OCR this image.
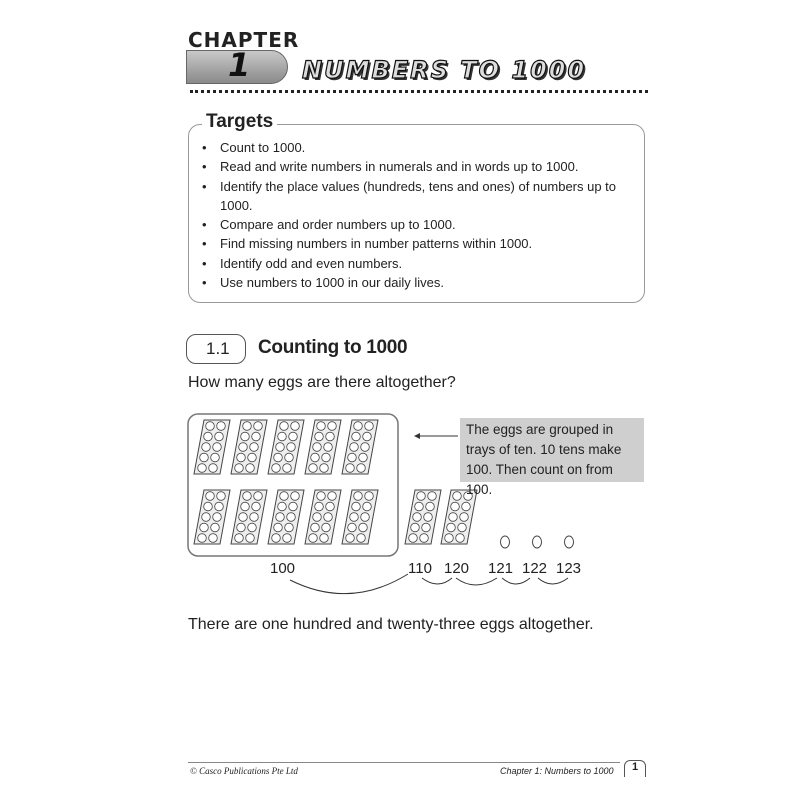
CHAPTER
1 NUMBERS TO 1000
Targets
• Count to 1000.
• Read and write numbers in numerals and in words up to 1000.
• Identify the place values (hundreds, tens and ones) of numbers up to 1000.
• Compare and order numbers up to 1000.
• Find missing numbers in number patterns within 1000.
• Identify odd and even numbers.
• Use numbers to 1000 in our daily lives.
1.1 Counting to 1000
How many eggs are there altogether?
The eggs are grouped in trays of ten. 10 tens make 100. Then count on from 100.
100	110 120 121 122 123
There are one hundred and twenty-three eggs altogether.
© Casco Publications Pte Ltd	Chapter 1: Numbers to 1000	1
